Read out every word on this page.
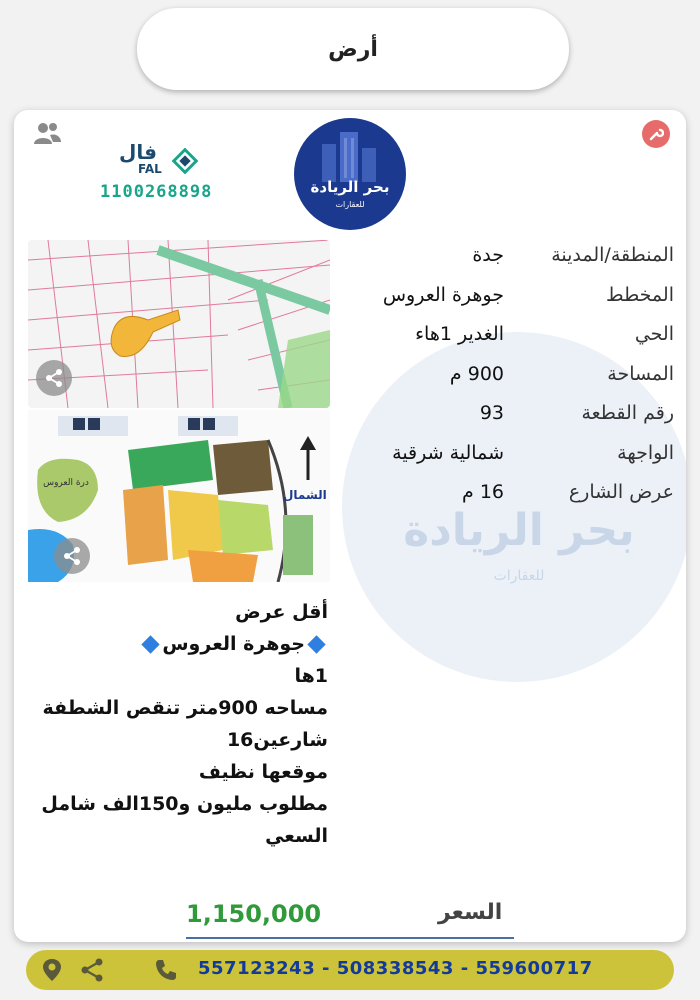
أرض
بحر الريادة
للعقارات
فال
FAL
1100268898	بحر الريادة
للعقارات
الشمال
درة العروس
المنطقة/المدينة
جدة
المخطط
جوهرة العروس
الحي
الغدير 1هاء
المساحة
900 م
رقم القطعة
93
الواجهة
شمالية شرقية
عرض الشارع
16 م
أقل عرض
جوهرة العروس
1ها
مساحه 900متر تنقص الشطفة
شارعين16
موقعها نظيف
مطلوب مليون و150الف شامل
السعي
1,150,000	السعر
557123243 - 508338543 - 559600717
